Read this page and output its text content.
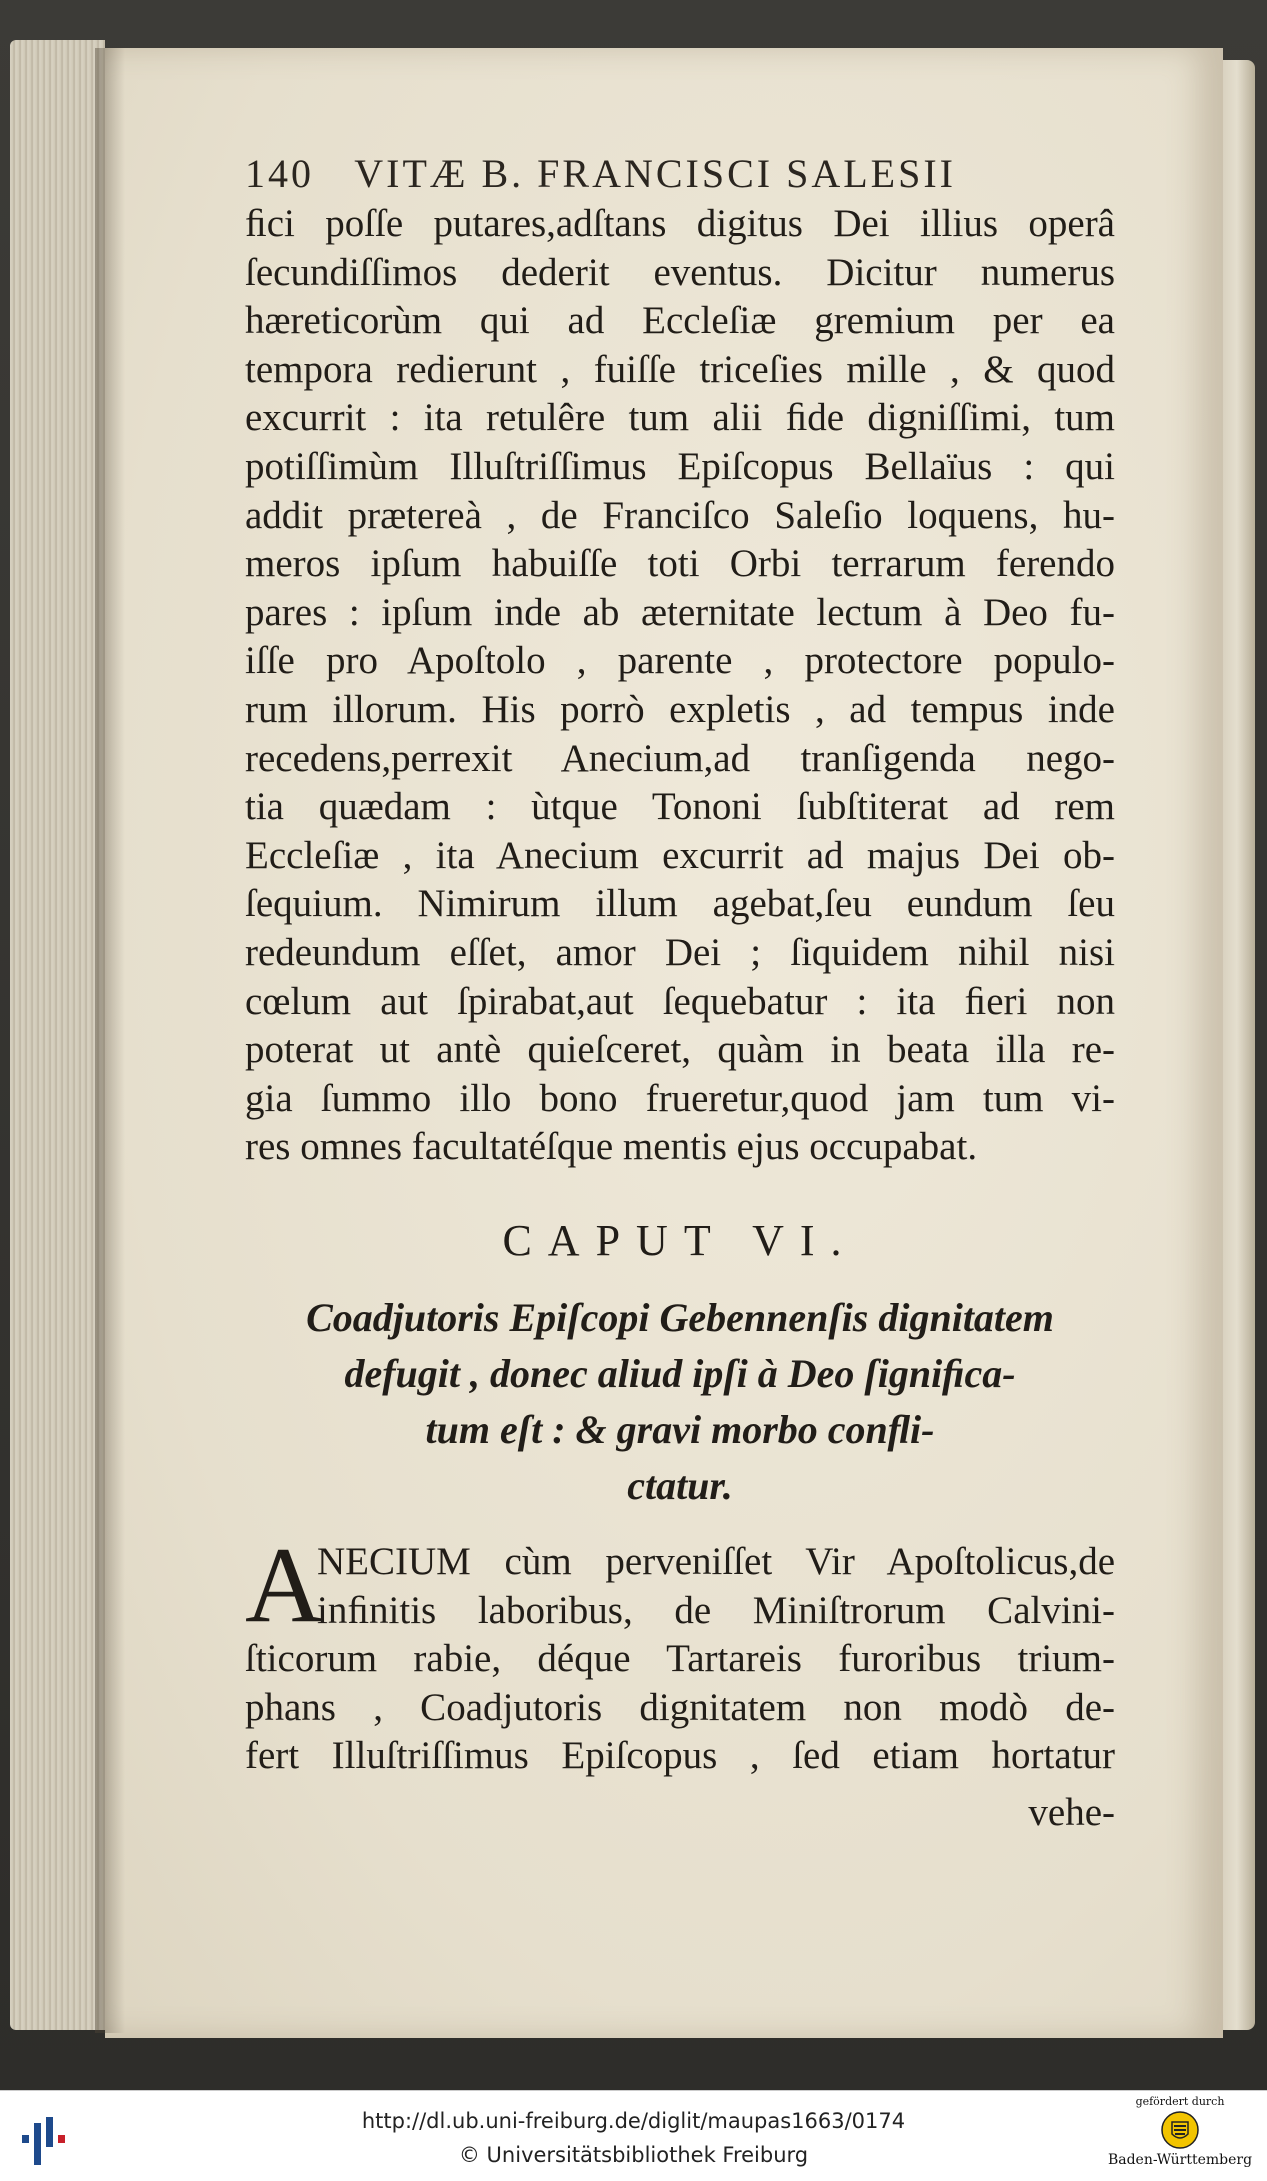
140 VITÆ B. FRANCISCI SALESII
ﬁci poſſe putares,adſtans digitus Dei illius operâ
ſecundiſſimos dederit eventus. Dicitur numerus
hæreticorùm qui ad Eccleſiæ gremium per ea
tempora redierunt , fuiſſe triceſies mille , & quod
excurrit : ita retulêre tum alii ﬁde digniſſimi, tum
potiſſimùm Illuſtriſſimus Epiſcopus Bellaïus : qui
addit prætereà , de Franciſco Saleſio loquens, hu-
meros ipſum habuiſſe toti Orbi terrarum ferendo
pares : ipſum inde ab æternitate lectum à Deo fu-
iſſe pro Apoſtolo , parente , protectore populo-
rum illorum. His porrò expletis , ad tempus inde
recedens,perrexit Anecium,ad tranſigenda nego-
tia quædam : ùtque Tononi ſubſtiterat ad rem
Eccleſiæ , ita Anecium excurrit ad majus Dei ob-
ſequium. Nimirum illum agebat,ſeu eundum ſeu
redeundum eſſet, amor Dei ; ſiquidem nihil nisi
cœlum aut ſpirabat,aut ſequebatur : ita ﬁeri non
poterat ut antè quieſceret, quàm in beata illa re-
gia ſummo illo bono frueretur,quod jam tum vi-
res omnes facultatéſque mentis ejus occupabat.
CAPUT VI.
Coadjutoris Epiſcopi Gebennenſis dignitatem
defugit , donec aliud ipſi à Deo ſigniﬁca-
tum eſt : & gravi morbo conﬂi-
ctatur.
A
NECIUM cùm perveniſſet Vir Apoſtolicus,de
inﬁnitis laboribus, de Miniſtrorum Calvini-
ſticorum rabie, déque Tartareis furoribus trium-
phans , Coadjutoris dignitatem non modò de-
fert Illuſtriſſimus Epiſcopus , ſed etiam hortatur
vehe-
http://dl.ub.uni-freiburg.de/diglit/maupas1663/0174
© Universitätsbibliothek Freiburg
gefördert durch
Baden-Württemberg
